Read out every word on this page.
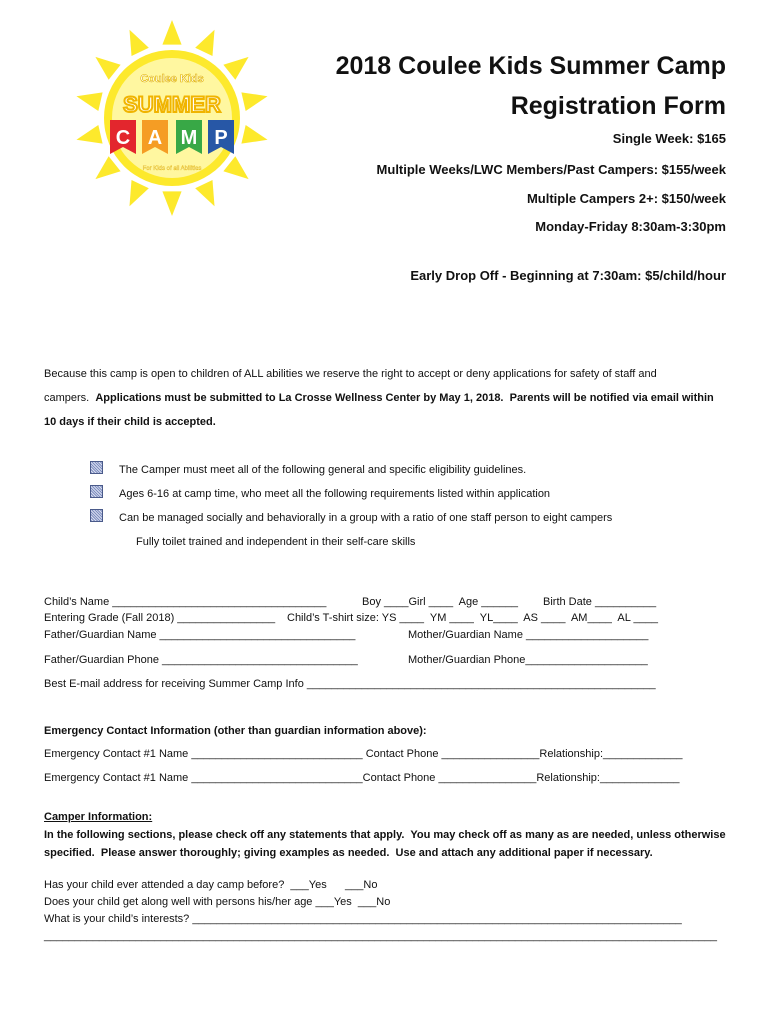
Coulee Kids
SUMMER
C A M P
For Kids of all Abilities
2018 Coulee Kids Summer Camp
Registration Form
Single Week: $165
Multiple Weeks/LWC Members/Past Campers: $155/week
Multiple Campers 2+: $150/week
Monday-Friday 8:30am-3:30pm
Early Drop Off - Beginning at 7:30am: $5/child/hour
Because this camp is open to children of ALL abilities we reserve the right to accept or deny applications for safety of staff and
campers.  Applications must be submitted to La Crosse Wellness Center by May 1, 2018.  Parents will be notified via email within
10 days if their child is accepted.
The Camper must meet all of the following general and specific eligibility guidelines.
Ages 6-16 at camp time, who meet all the following requirements listed within application
Can be managed socially and behaviorally in a group with a ratio of one staff person to eight campers
Fully toilet trained and independent in their self-care skills
Child’s Name ___________________________________	Boy ____Girl ____  Age ______ Birth Date __________
Entering Grade (Fall 2018) ________________ Child’s T-shirt size: YS ____  YM ____  YL____  AS ____  AM____  AL ____
Father/Guardian Name ________________________________	Mother/Guardian Name ____________________
Father/Guardian Phone ________________________________	Mother/Guardian Phone____________________
Best E-mail address for receiving Summer Camp Info _________________________________________________________
Emergency Contact Information (other than guardian information above):
Emergency Contact #1 Name ____________________________ Contact Phone ________________Relationship:_____________
Emergency Contact #1 Name ____________________________Contact Phone ________________Relationship:_____________
Camper Information:
In the following sections, please check off any statements that apply.  You may check off as many as are needed, unless otherwise
specified.  Please answer thoroughly; giving examples as needed.  Use and attach any additional paper if necessary.
Has your child ever attended a day camp before?  ___Yes      ___No
Does your child get along well with persons his/her age ___Yes  ___No
What is your child’s interests? ________________________________________________________________________________
______________________________________________________________________________________________________________
